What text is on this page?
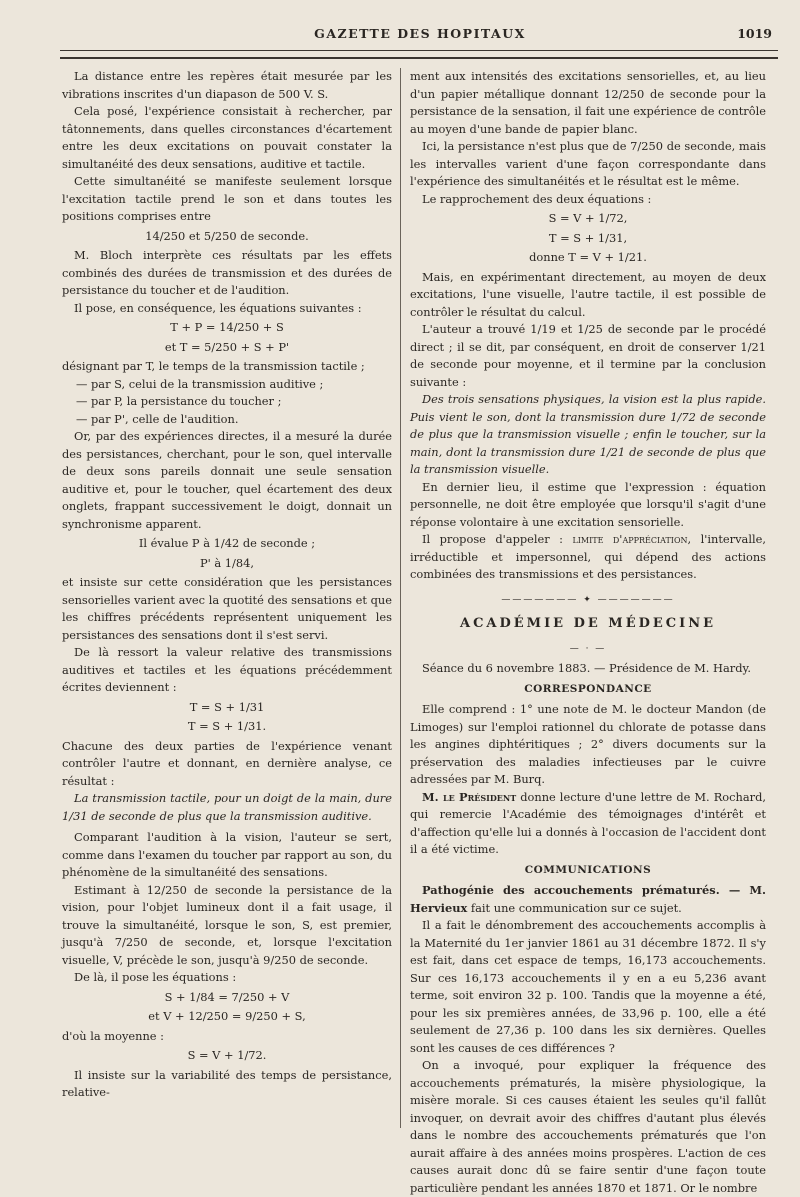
GAZETTE DES HOPITAUX	1019

La distance entre les repères était mesurée par les vibrations inscrites d'un diapason de 500 V. S.

Cela posé, l'expérience consistait à rechercher, par tâtonnements, dans quelles circonstances d'écartement entre les deux excitations on pouvait constater la simultanéité des deux sensations, auditive et tactile.

Cette simultanéité se manifeste seulement lorsque l'excitation tactile prend le son et dans toutes les positions comprises entre

14/250 et 5/250 de seconde.

M. Bloch interprète ces résultats par les effets combinés des durées de transmission et des durées de persistance du toucher et de l'audition.

Il pose, en conséquence, les équations suivantes :

T + P = 14/250 + S
et T = 5/250 + S + P'

désignant par T, le temps de la transmission tactile ;

— par S, celui de la transmission auditive ;

— par P, la persistance du toucher ;

— par P', celle de l'audition.

Or, par des expériences directes, il a mesuré la durée des persistances, cherchant, pour le son, quel intervalle de deux sons pareils donnait une seule sensation auditive et, pour le toucher, quel écartement des deux onglets, frappant successivement le doigt, donnait un synchronisme apparent.

Il évalue P à 1/42 de seconde ;
P' à 1/84,

et insiste sur cette considération que les persistances sensorielles varient avec la quotité des sensations et que les chiffres précédents représentent uniquement les persistances des sensations dont il s'est servi.

De là ressort la valeur relative des transmissions auditives et tactiles et les équations précédemment écrites deviennent :

T = S + 1/31
T = S + 1/31.

Chacune des deux parties de l'expérience venant contrôler l'autre et donnant, en dernière analyse, ce résultat :

La transmission tactile, pour un doigt de la main, dure 1/31 de seconde de plus que la transmission auditive.

Comparant l'audition à la vision, l'auteur se sert, comme dans l'examen du toucher par rapport au son, du phénomène de la simultanéité des sensations.

Estimant à 12/250 de seconde la persistance de la vision, pour l'objet lumineux dont il a fait usage, il trouve la simultanéité, lorsque le son, S, est premier, jusqu'à 7/250 de seconde, et, lorsque l'excitation visuelle, V, précède le son, jusqu'à 9/250 de seconde.

De là, il pose les équations :

S + 1/84 = 7/250 + V
et V + 12/250 = 9/250 + S,

d'où la moyenne :

S = V + 1/72.

Il insiste sur la variabilité des temps de persistance, relative-

ment aux intensités des excitations sensorielles, et, au lieu d'un papier métallique donnant 12/250 de seconde pour la persistance de la sensation, il fait une expérience de contrôle au moyen d'une bande de papier blanc.

Ici, la persistance n'est plus que de 7/250 de seconde, mais les intervalles varient d'une façon correspondante dans l'expérience des simultanéités et le résultat est le même.

Le rapprochement des deux équations :

S = V + 1/72,
T = S + 1/31,
donne T = V + 1/21.

Mais, en expérimentant directement, au moyen de deux excitations, l'une visuelle, l'autre tactile, il est possible de contrôler le résultat du calcul.

L'auteur a trouvé 1/19 et 1/25 de seconde par le procédé direct ; il se dit, par conséquent, en droit de conserver 1/21 de seconde pour moyenne, et il termine par la conclusion suivante :

Des trois sensations physiques, la vision est la plus rapide. Puis vient le son, dont la transmission dure 1/72 de seconde de plus que la transmission visuelle ; enfin le toucher, sur la main, dont la transmission dure 1/21 de seconde de plus que la transmission visuelle.

En dernier lieu, il estime que l'expression : équation personnelle, ne doit être employée que lorsqu'il s'agit d'une réponse volontaire à une excitation sensorielle.

Il propose d'appeler : limite d'appréciation, l'intervalle, irréductible et impersonnel, qui dépend des actions combinées des transmissions et des persistances.

——————— ✦ ———————
ACADÉMIE DE MÉDECINE
— · —

Séance du 6 novembre 1883. — Présidence de M. Hardy.

CORRESPONDANCE

Elle comprend : 1° une note de M. le docteur Mandon (de Limoges) sur l'emploi rationnel du chlorate de potasse dans les angines diphtéritiques ; 2° divers documents sur la préservation des maladies infectieuses par le cuivre adressées par M. Burq.

M. le Président donne lecture d'une lettre de M. Rochard, qui remercie l'Académie des témoignages d'intérêt et d'affection qu'elle lui a donnés à l'occasion de l'accident dont il a été victime.

COMMUNICATIONS

Pathogénie des accouchements prématurés. — M. Hervieux fait une communication sur ce sujet.

Il a fait le dénombrement des accouchements accomplis à la Maternité du 1er janvier 1861 au 31 décembre 1872. Il s'y est fait, dans cet espace de temps, 16,173 accouchements. Sur ces 16,173 accouchements il y en a eu 5,236 avant terme, soit environ 32 p. 100. Tandis que la moyenne a été, pour les six premières années, de 33,96 p. 100, elle a été seulement de 27,36 p. 100 dans les six dernières. Quelles sont les causes de ces différences ?

On a invoqué, pour expliquer la fréquence des accouchements prématurés, la misère physiologique, la misère morale. Si ces causes étaient les seules qu'il fallût invoquer, on devrait avoir des chiffres d'autant plus élevés dans le nombre des accouchements prématurés que l'on aurait affaire à des années moins prospères. L'action de ces causes aurait donc dû se faire sentir d'une façon toute particulière pendant les années 1870 et 1871. Or le nombre
